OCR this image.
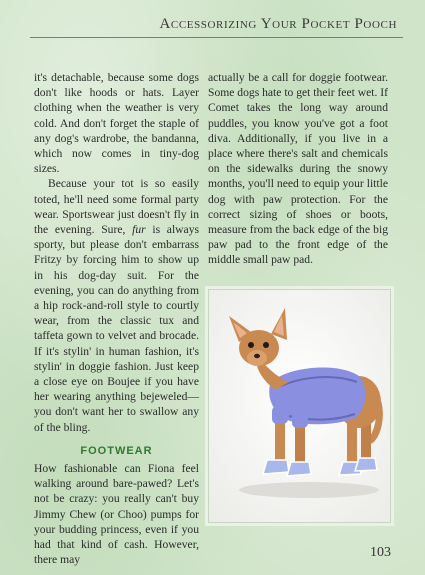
Accessorizing Your Pocket Pooch

it's detachable, because some dogs don't like hoods or hats. Layer clothing when the weather is very cold. And don't forget the staple of any dog's wardrobe, the bandanna, which now comes in tiny-dog sizes.

Because your tot is so easily toted, he'll need some formal party wear. Sportswear just doesn't fly in the evening. Sure, fur is always sporty, but please don't embarrass Fritzy by forcing him to show up in his dog-day suit. For the evening, you can do anything from a hip rock-and-roll style to courtly wear, from the classic tux and taffeta gown to velvet and brocade. If it's stylin' in human fashion, it's stylin' in doggie fashion. Just keep a close eye on Boujee if you have her wearing anything bejeweled—you don't want her to swallow any of the bling.

FOOTWEAR

How fashionable can Fiona feel walking around bare-pawed? Let's not be crazy: you really can't buy Jimmy Chew (or Choo) pumps for your budding princess, even if you had that kind of cash. However, there may

actually be a call for doggie footwear. Some dogs hate to get their feet wet. If Comet takes the long way around puddles, you know you've got a foot diva. Additionally, if you live in a place where there's salt and chemicals on the sidewalks during the snowy months, you'll need to equip your little dog with paw protection. For the correct sizing of shoes or boots, measure from the back edge of the big paw pad to the front edge of the middle small paw pad.

103
